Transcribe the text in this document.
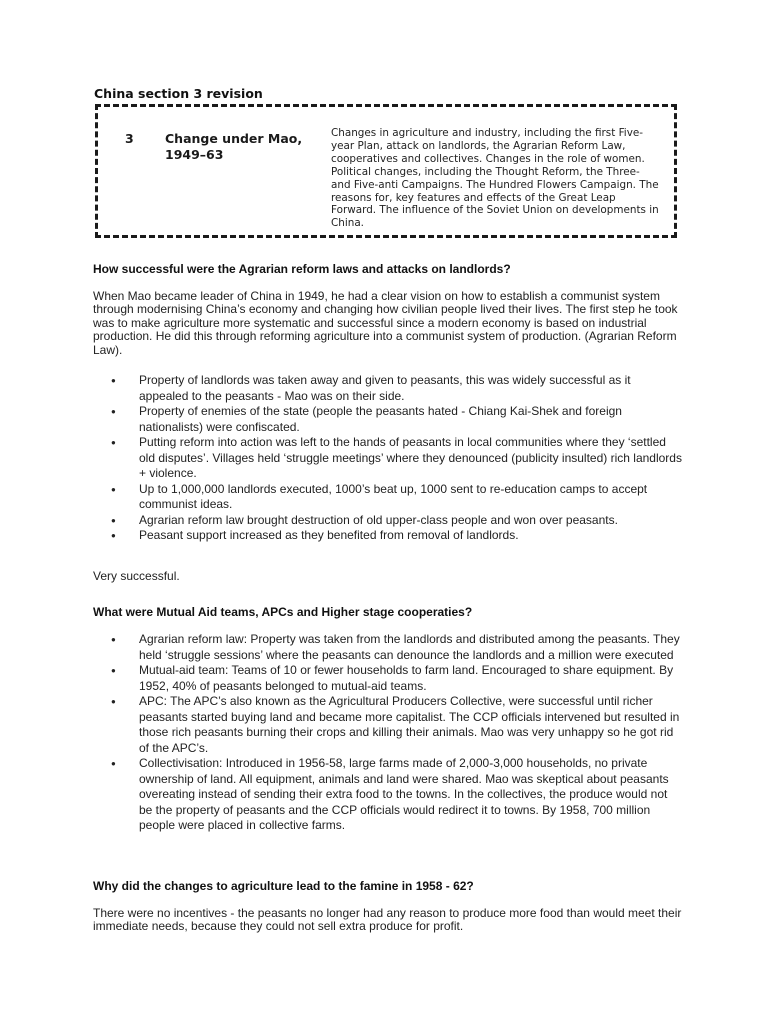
China section 3 revision
3	Change under Mao, 1949–63
Changes in agriculture and industry, including the first Five-year Plan, attack on landlords, the Agrarian Reform Law, cooperatives and collectives. Changes in the role of women. Political changes, including the Thought Reform, the Three- and Five-anti Campaigns. The Hundred Flowers Campaign. The reasons for, key features and effects of the Great Leap Forward. The influence of the Soviet Union on developments in China.
How successful were the Agrarian reform laws and attacks on landlords?

When Mao became leader of China in 1949, he had a clear vision on how to establish a communist system through modernising China’s economy and changing how civilian people lived their lives. The first step he took was to make agriculture more systematic and successful since a modern economy is based on industrial production. He did this through reforming agriculture into a communist system of production. (Agrarian Reform Law).

● Property of landlords was taken away and given to peasants, this was widely successful as it appealed to the peasants - Mao was on their side.
● Property of enemies of the state (people the peasants hated - Chiang Kai-Shek and foreign nationalists) were confiscated.
● Putting reform into action was left to the hands of peasants in local communities where they ‘settled old disputes’. Villages held ‘struggle meetings’ where they denounced (publicity insulted) rich landlords + violence.
● Up to 1,000,000 landlords executed, 1000’s beat up, 1000 sent to re-education camps to accept communist ideas.
● Agrarian reform law brought destruction of old upper-class people and won over peasants.
● Peasant support increased as they benefited from removal of landlords.

Very successful.

What were Mutual Aid teams, APCs and Higher stage cooperaties?
● Agrarian reform law: Property was taken from the landlords and distributed among the peasants. They held ‘struggle sessions’ where the peasants can denounce the landlords and a million were executed
● Mutual-aid team: Teams of 10 or fewer households to farm land. Encouraged to share equipment. By 1952, 40% of peasants belonged to mutual-aid teams.
● APC: The APC’s also known as the Agricultural Producers Collective, were successful until richer peasants started buying land and became more capitalist. The CCP officials intervened but resulted in those rich peasants burning their crops and killing their animals. Mao was very unhappy so he got rid of the APC’s.
● Collectivisation: Introduced in 1956-58, large farms made of 2,000-3,000 households, no private ownership of land. All equipment, animals and land were shared. Mao was skeptical about peasants overeating instead of sending their extra food to the towns. In the collectives, the produce would not be the property of peasants and the CCP officials would redirect it to towns. By 1958, 700 million people were placed in collective farms.
Why did the changes to agriculture lead to the famine in 1958 - 62?

There were no incentives - the peasants no longer had any reason to produce more food than would meet their immediate needs, because they could not sell extra produce for profit.
